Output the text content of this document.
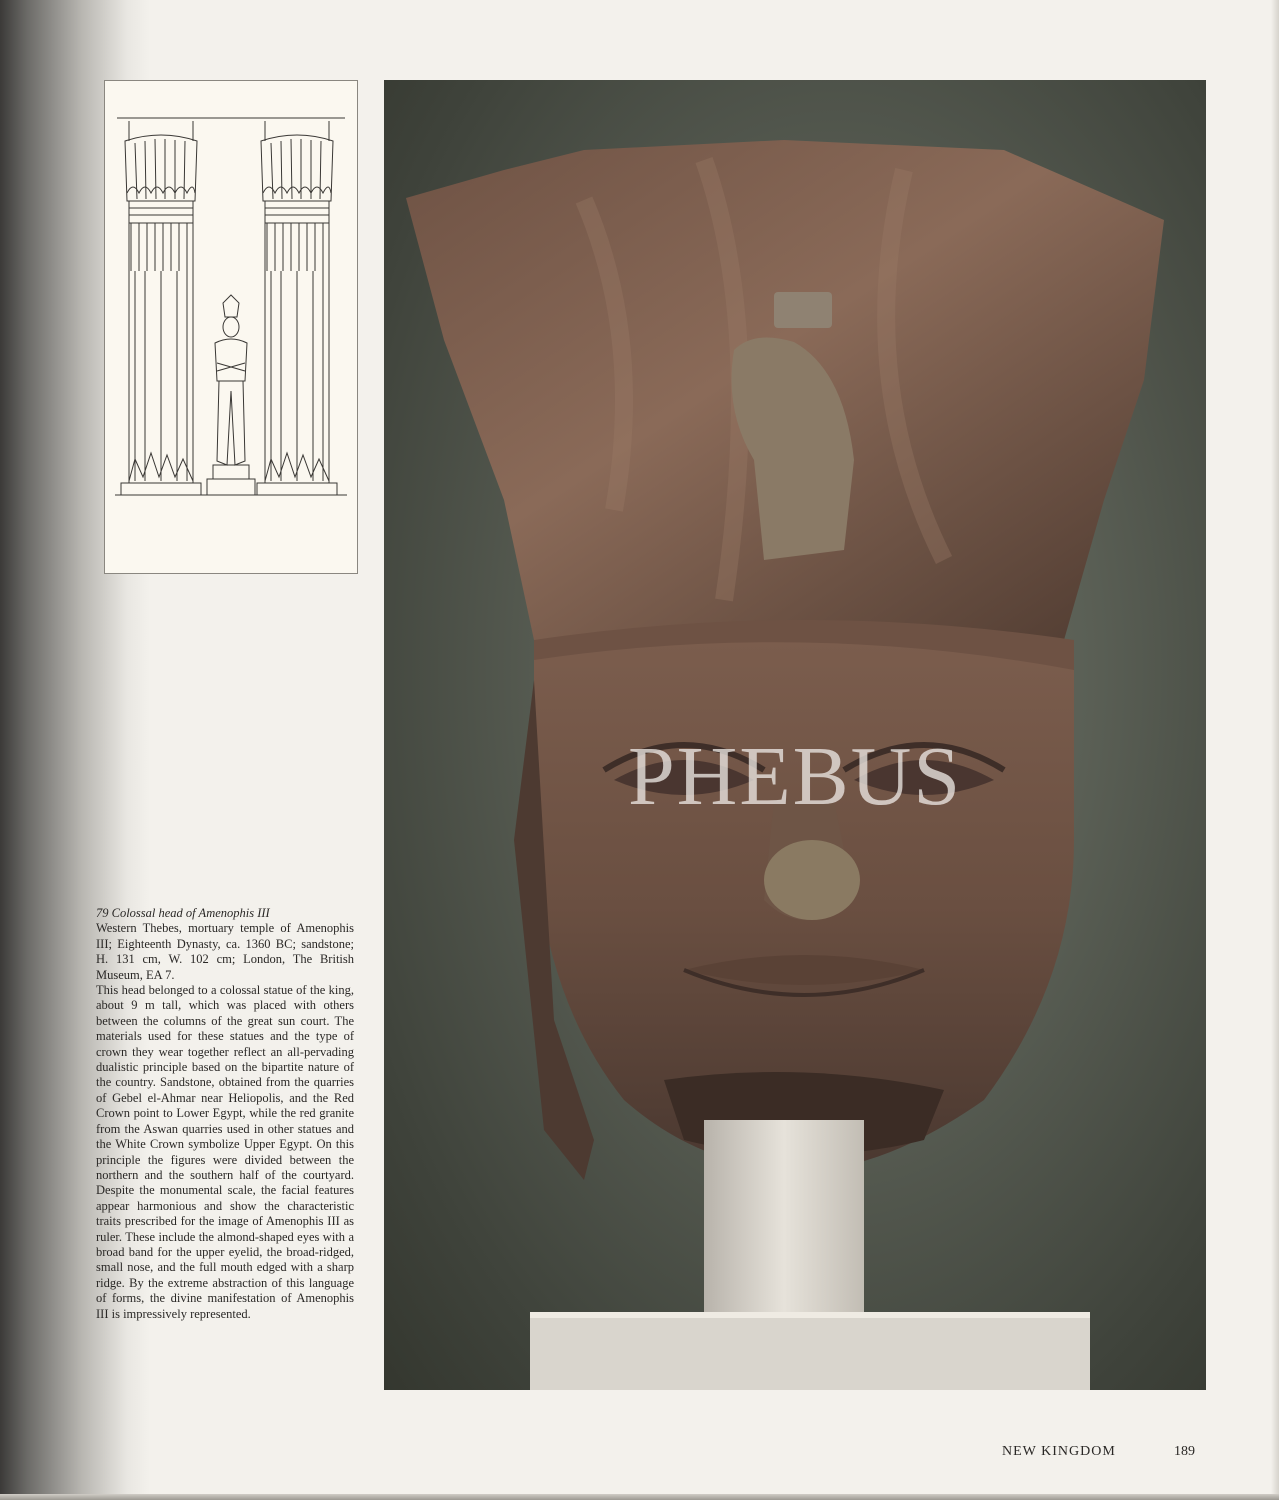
PHEBUS
79 Colossal head of Amenophis III

Western Thebes, mortuary temple of Amenophis III; Eighteenth Dynasty, ca. 1360 BC; sandstone; H. 131 cm, W. 102 cm; London, The British Museum, EA 7.

This head belonged to a colossal statue of the king, about 9 m tall, which was placed with others between the columns of the great sun court. The materials used for these statues and the type of crown they wear together reflect an all-pervading dualistic principle based on the bipartite nature of the country. Sandstone, obtained from the quarries of Gebel el-Ahmar near Heliopolis, and the Red Crown point to Lower Egypt, while the red granite from the Aswan quarries used in other statues and the White Crown symbolize Upper Egypt. On this principle the figures were divided between the northern and the southern half of the courtyard. Despite the monumental scale, the facial features appear harmonious and show the characteristic traits prescribed for the image of Amenophis III as ruler. These include the almond-shaped eyes with a broad band for the upper eyelid, the broad-ridged, small nose, and the full mouth edged with a sharp ridge. By the extreme abstraction of this language of forms, the divine manifestation of Amenophis III is impressively represented.

NEW KINGDOM	189
